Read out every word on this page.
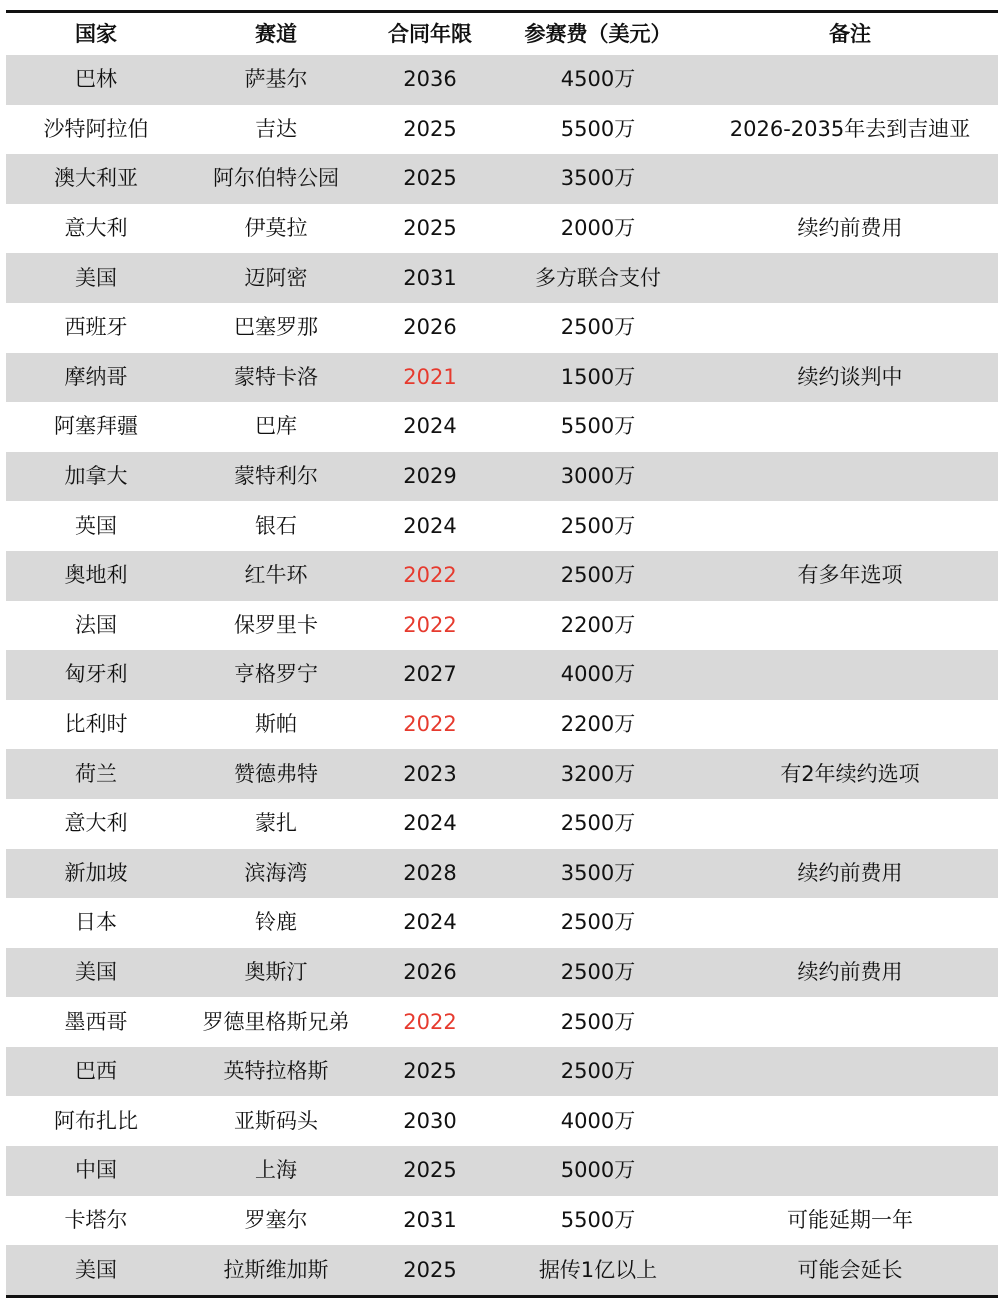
国家	赛道	合同年限	参赛费（美元）	备注
巴林	萨基尔	2036	4500万
沙特阿拉伯	吉达	2025	5500万	2026-2035年去到吉迪亚
澳大利亚	阿尔伯特公园	2025	3500万
意大利	伊莫拉	2025	2000万	续约前费用
美国	迈阿密	2031	多方联合支付
西班牙	巴塞罗那	2026	2500万
摩纳哥	蒙特卡洛	2021	1500万	续约谈判中
阿塞拜疆	巴库	2024	5500万
加拿大	蒙特利尔	2029	3000万
英国	银石	2024	2500万
奥地利	红牛环	2022	2500万	有多年选项
法国	保罗里卡	2022	2200万
匈牙利	亨格罗宁	2027	4000万
比利时	斯帕	2022	2200万
荷兰	赞德弗特	2023	3200万	有2年续约选项
意大利	蒙扎	2024	2500万
新加坡	滨海湾	2028	3500万	续约前费用
日本	铃鹿	2024	2500万
美国	奥斯汀	2026	2500万	续约前费用
墨西哥	罗德里格斯兄弟	2022	2500万
巴西	英特拉格斯	2025	2500万
阿布扎比	亚斯码头	2030	4000万
中国	上海	2025	5000万
卡塔尔	罗塞尔	2031	5500万	可能延期一年
美国	拉斯维加斯	2025	据传1亿以上	可能会延长
